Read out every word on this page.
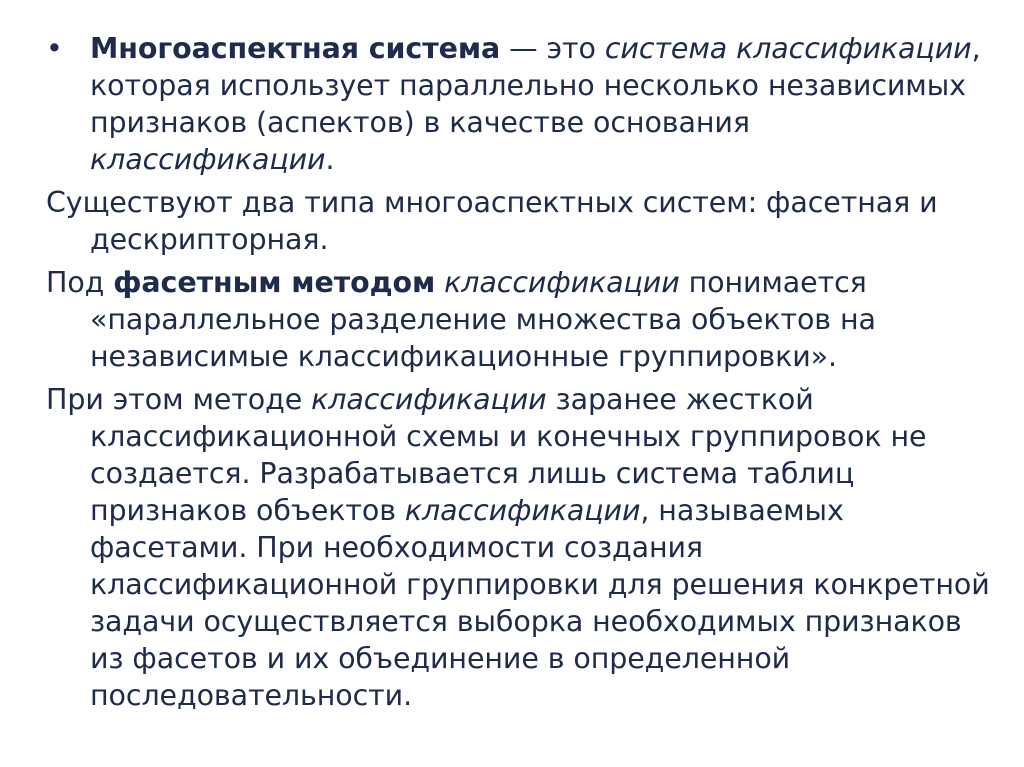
• Многоаспектная система — это система классификации, которая использует параллельно несколько независимых признаков (аспектов) в качестве основания классификации.
Существуют два типа многоаспектных систем: фасетная и дескрипторная.
Под фасетным методом классификации понимается «параллельное разделение множества объектов на независимые классификационные группировки».
При этом методе классификации заранее жесткой классификационной схемы и конечных группировок не создается. Разрабатывается лишь система таблиц признаков объектов классификации, называемых фасетами. При необходимости создания классификационной группировки для решения конкретной задачи осуществляется выборка необходимых признаков из фасетов и их объединение в определенной последовательности.
